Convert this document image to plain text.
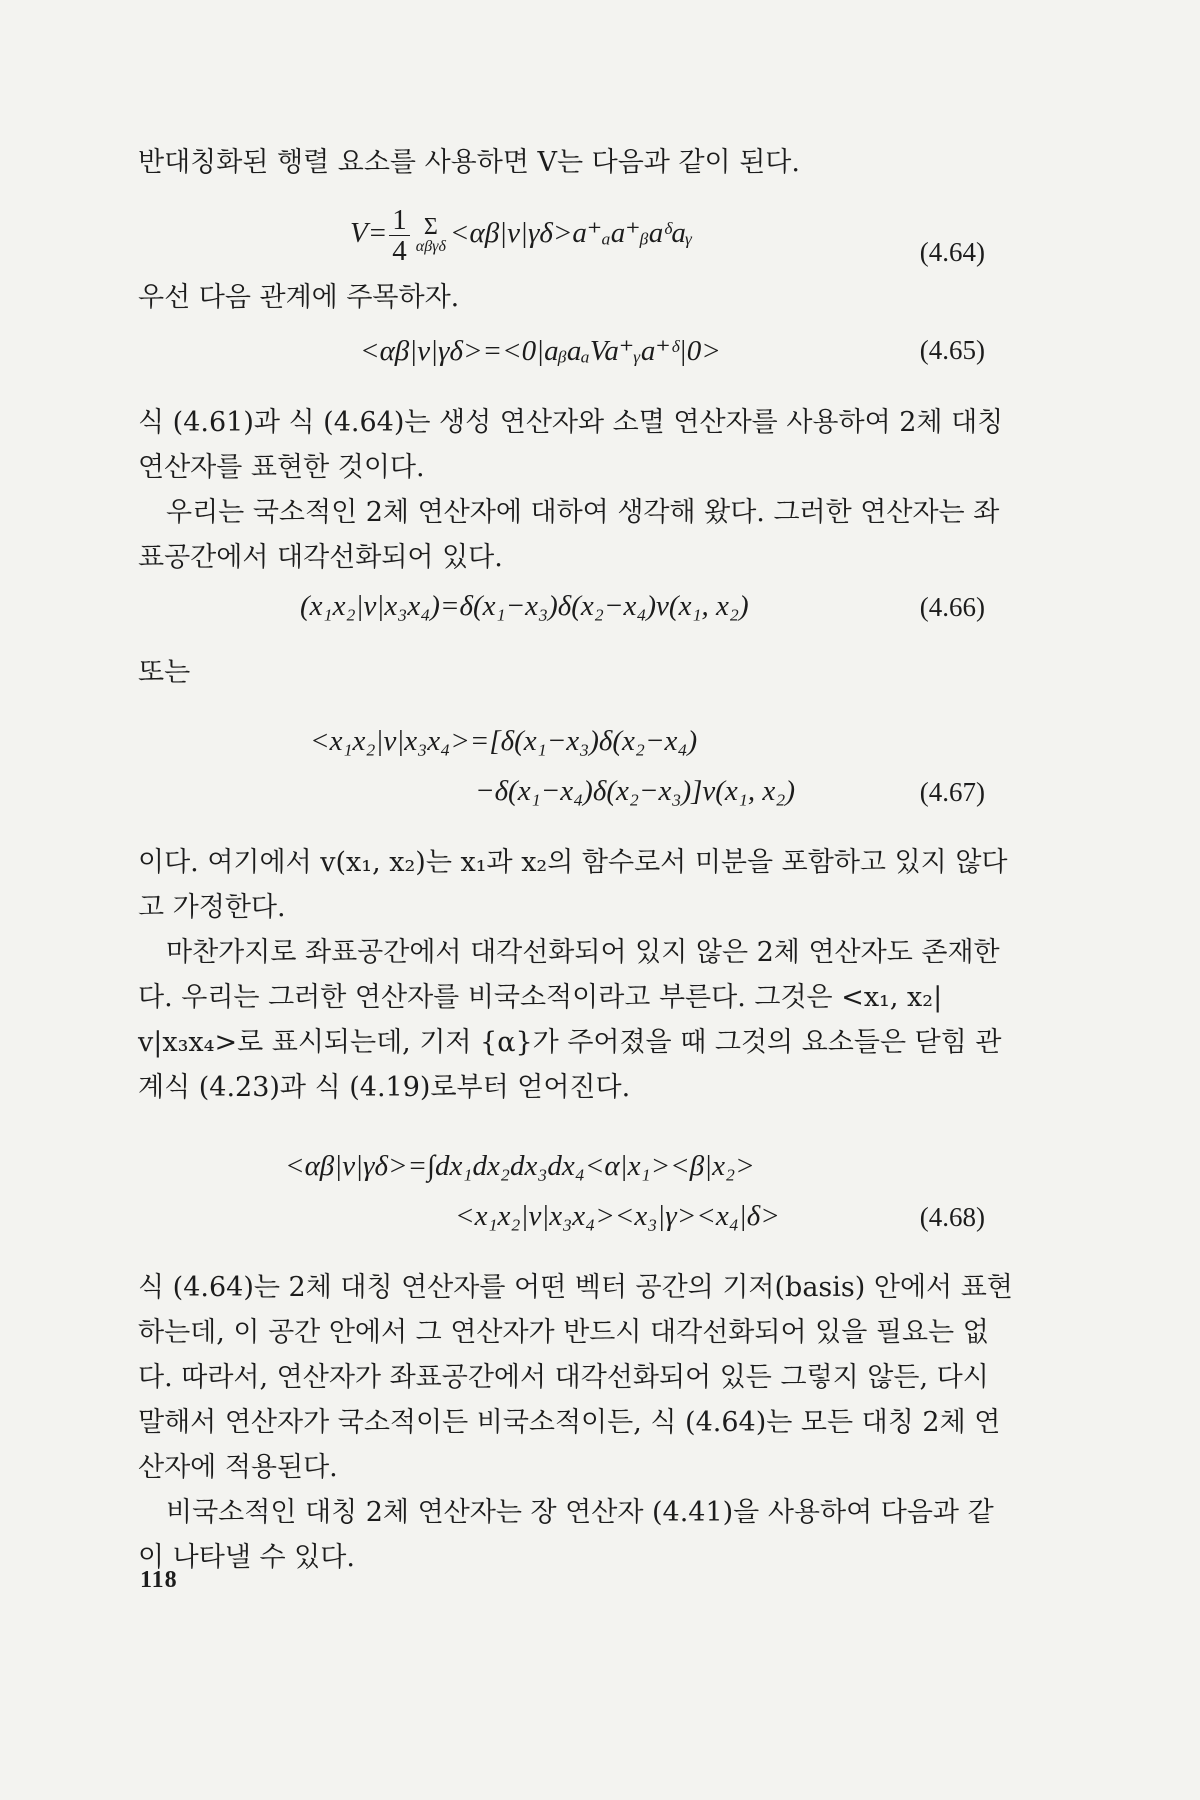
반대칭화된 행렬 요소를 사용하면 V는 다음과 같이 된다.

$V= \frac{1}{4}$ Σ
αβγδ <αβ|v|γδ>a⁺ₐa⁺ᵦaᵟaᵧ
(4.64)

우선 다음 관계에 주목하자.

<αβ|v|γδ>=<0|aᵦaₐVa⁺ᵧa⁺ᵟ|0>	(4.65)

식 (4.61)과 식 (4.64)는 생성 연산자와 소멸 연산자를 사용하여 2체 대칭 연산자를 표현한 것이다.

우리는 국소적인 2체 연산자에 대하여 생각해 왔다. 그러한 연산자는 좌표공간에서 대각선화되어 있다.

(x₁x₂|v|x₃x₄)=δ(x₁−x₃)δ(x₂−x₄)v(x₁, x₂)	(4.66)

또는

<x₁x₂|v|x₃x₄>=[δ(x₁−x₃)δ(x₂−x₄)
−δ(x₁−x₄)δ(x₂−x₃)]v(x₁, x₂)	(4.67)

이다. 여기에서 v(x₁, x₂)는 x₁과 x₂의 함수로서 미분을 포함하고 있지 않다고 가정한다.

마찬가지로 좌표공간에서 대각선화되어 있지 않은 2체 연산자도 존재한다. 우리는 그러한 연산자를 비국소적이라고 부른다. 그것은 <x₁, x₂| v|x₃x₄>로 표시되는데, 기저 {α}가 주어졌을 때 그것의 요소들은 닫힘 관계식 (4.23)과 식 (4.19)로부터 얻어진다.

<αβ|v|γδ>=∫dx₁dx₂dx₃dx₄<α|x₁><β|x₂>
<x₁x₂|v|x₃x₄><x₃|γ><x₄|δ>	(4.68)

식 (4.64)는 2체 대칭 연산자를 어떤 벡터 공간의 기저(basis) 안에서 표현하는데, 이 공간 안에서 그 연산자가 반드시 대각선화되어 있을 필요는 없다. 따라서, 연산자가 좌표공간에서 대각선화되어 있든 그렇지 않든, 다시 말해서 연산자가 국소적이든 비국소적이든, 식 (4.64)는 모든 대칭 2체 연산자에 적용된다.

비국소적인 대칭 2체 연산자는 장 연산자 (4.41)을 사용하여 다음과 같이 나타낼 수 있다.

118
